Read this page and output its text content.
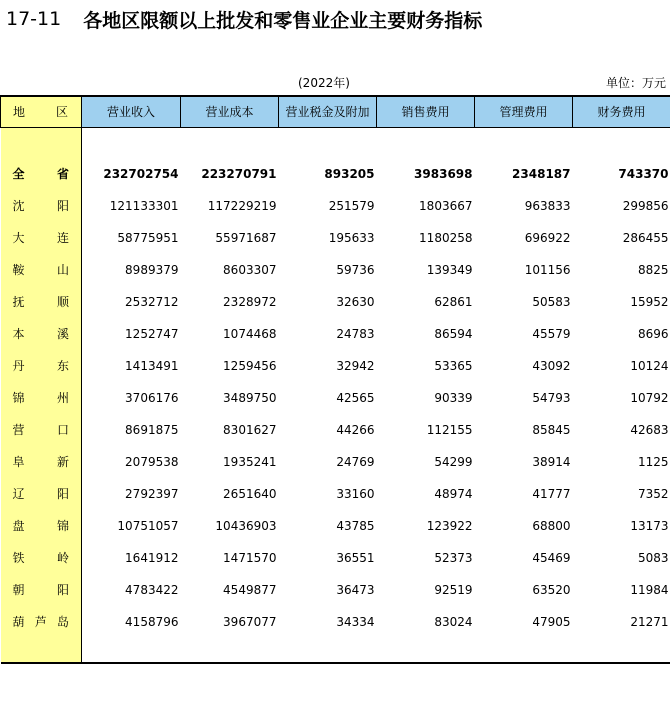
17-11 各地区限额以上批发和零售业企业主要财务指标
(2022年)	单位：万元
地区	营业收入	营业成本	营业税金及附加	销售费用	管理费用	财务费用

全省	232702754	223270791	893205	3983698	2348187	743370
沈阳	121133301	117229219	251579	1803667	963833	299856
大连	58775951	55971687	195633	1180258	696922	286455
鞍山	8989379	8603307	59736	139349	101156	8825
抚顺	2532712	2328972	32630	62861	50583	15952
本溪	1252747	1074468	24783	86594	45579	8696
丹东	1413491	1259456	32942	53365	43092	10124
锦州	3706176	3489750	42565	90339	54793	10792
营口	8691875	8301627	44266	112155	85845	42683
阜新	2079538	1935241	24769	54299	38914	1125
辽阳	2792397	2651640	33160	48974	41777	7352
盘锦	10751057	10436903	43785	123922	68800	13173
铁岭	1641912	1471570	36551	52373	45469	5083
朝阳	4783422	4549877	36473	92519	63520	11984
葫芦岛	4158796	3967077	34334	83024	47905	21271
